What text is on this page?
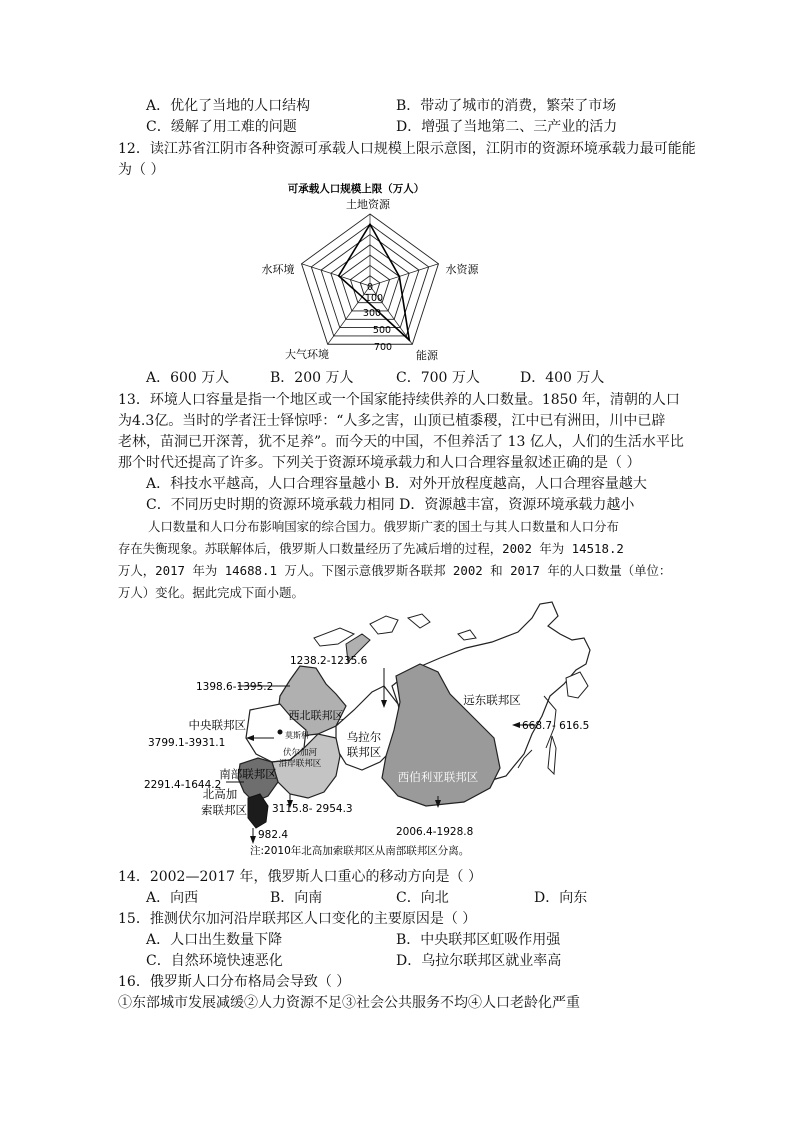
A．优化了当地的人口结构	B．带动了城市的消费，繁荣了市场
C．缓解了用工难的问题	D．增强了当地第二、三产业的活力
12．读江苏省江阴市各种资源可承载人口规模上限示意图，江阴市的资源环境承载力最可能能
为（ ）
可承载人口规模上限（万人）
土地资源
水资源
能源
大气环境
水环境
0
100
300
500
700
A．600 万人	B．200 万人	C．700 万人	D．400 万人
13．环境人口容量是指一个地区或一个国家能持续供养的人口数量。1850 年，清朝的人口
为4.3亿。当时的学者汪士铎惊呼：“人多之害，山顶已植黍稷，江中已有洲田，川中已辟
老林，苗洞已开深菁，犹不足养”。而今天的中国，不但养活了 13 亿人，人们的生活水平比
那个时代还提高了许多。下列关于资源环境承载力和人口合理容量叙述正确的是（ ）
A．科技水平越高，人口合理容量越小 B．对外开放程度越高，人口合理容量越大
C．不同历史时期的资源环境承载力相同 D．资源越丰富，资源环境承载力越小
人口数量和人口分布影响国家的综合国力。俄罗斯广袤的国土与其人口数量和人口分布
存在失衡现象。苏联解体后，俄罗斯人口数量经历了先减后增的过程，2002 年为 14518.2
万人，2017 年为 14688.1 万人。下图示意俄罗斯各联邦 2002 和 2017 年的人口数量（单位：
万人）变化。据此完成下面小题。
西北联邦区
中央联邦区
莫斯科
伏尔加河
沿岸联邦区
乌拉尔
联邦区
西伯利亚联邦区
远东联邦区
南部联邦区
北高加
索联邦区
1398.6-1395.2
1238.2-1235.6
3799.1-3931.1
668.7- 616.5
2291.4-1644.2
3115.8- 2954.3
982.4	2006.4-1928.8
注:2010年北高加索联邦区从南部联邦区分离。
14．2002—2017 年，俄罗斯人口重心的移动方向是（ ）
A．向西	B．向南	C．向北	D．向东
15．推测伏尔加河沿岸联邦区人口变化的主要原因是（ ）
A．人口出生数量下降	B．中央联邦区虹吸作用强
C．自然环境快速恶化	D．乌拉尔联邦区就业率高
16．俄罗斯人口分布格局会导致（ ）
①东部城市发展减缓②人力资源不足③社会公共服务不均④人口老龄化严重
